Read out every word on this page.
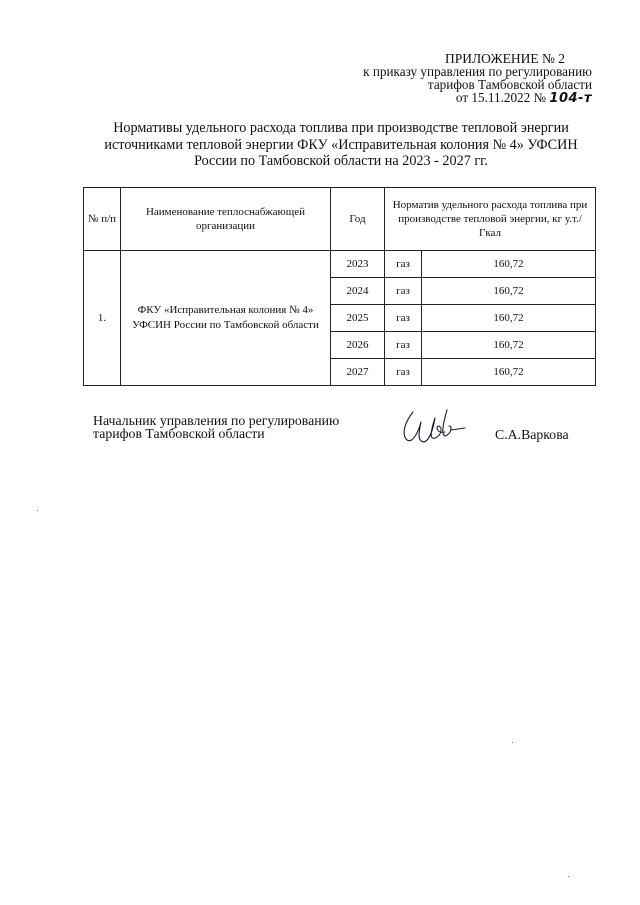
ПРИЛОЖЕНИЕ № 2
к приказу управления по регулированию
тарифов Тамбовской области
от 15.11.2022 № 104-т
Нормативы удельного расхода топлива при производстве тепловой энергии источниками тепловой энергии ФКУ «Исправительная колония № 4» УФСИН России по Тамбовской области на 2023 - 2027 гг.
№ п/п	Наименование теплоснабжающей организации	Год	Норматив удельного расхода топлива при производстве тепловой энергии, кг у.т./Гкал	
1.	ФКУ «Исправительная колония № 4» УФСИН России по Тамбовской области	2023	газ	160,72
		2024	газ	160,72
		2025	газ	160,72
		2026	газ	160,72
		2027	газ	160,72
Начальник управления по регулированию
тарифов Тамбовской области	С.А.Варкова
